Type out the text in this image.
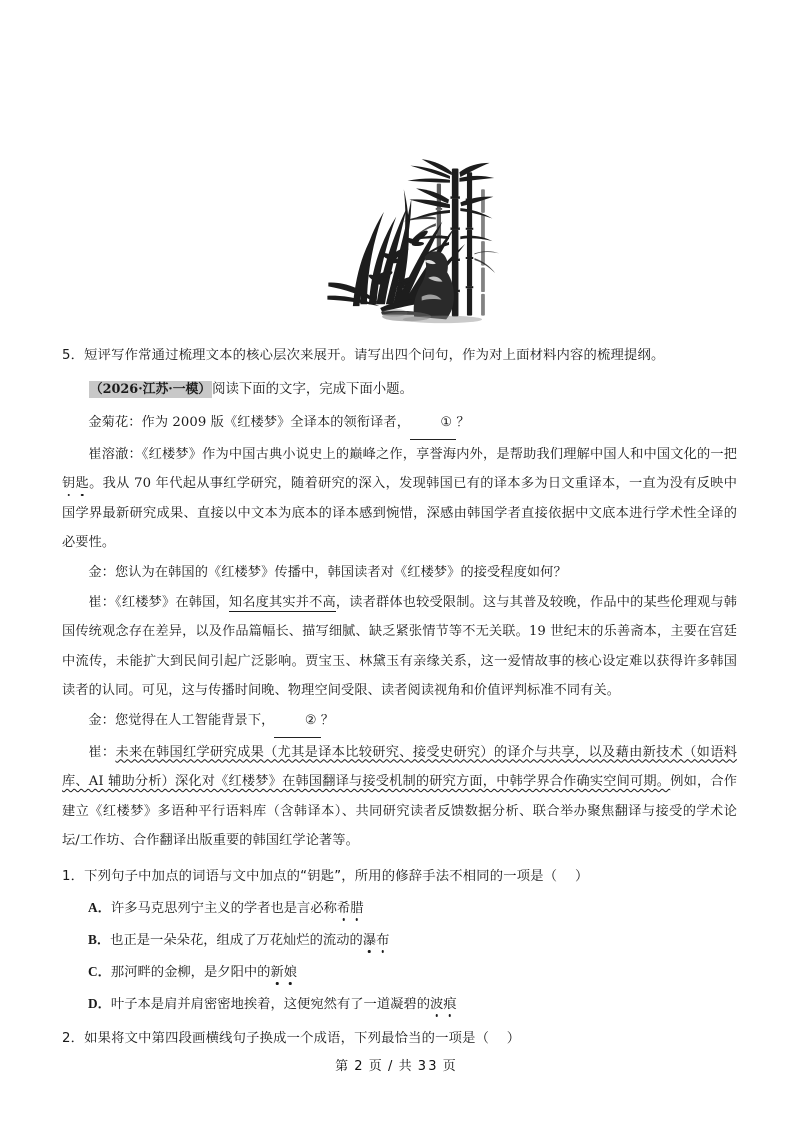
5．短评写作常通过梳理文本的核心层次来展开。请写出四个问句，作为对上面材料内容的梳理提纲。
（2026·江苏·一模）阅读下面的文字，完成下面小题。
金菊花：作为 2009 版《红楼梦》全译本的领衔译者， ① ？
崔溶澈：《红楼梦》作为中国古典小说史上的巅峰之作，享誉海内外，是帮助我们理解中国人和中国文化的一把钥匙。我从 70 年代起从事红学研究，随着研究的深入，发现韩国已有的译本多为日文重译本，一直为没有反映中国学界最新研究成果、直接以中文本为底本的译本感到惋惜，深感由韩国学者直接依据中文底本进行学术性全译的必要性。
金：您认为在韩国的《红楼梦》传播中，韩国读者对《红楼梦》的接受程度如何？
崔：《红楼梦》在韩国，知名度其实并不高，读者群体也较受限制。这与其普及较晚，作品中的某些伦理观与韩国传统观念存在差异，以及作品篇幅长、描写细腻、缺乏紧张情节等不无关联。19 世纪末的乐善斋本，主要在宫廷中流传，未能扩大到民间引起广泛影响。贾宝玉、林黛玉有亲缘关系，这一爱情故事的核心设定难以获得许多韩国读者的认同。可见，这与传播时间晚、物理空间受限、读者阅读视角和价值评判标准不同有关。
金：您觉得在人工智能背景下， ② ？
崔：未来在韩国红学研究成果（尤其是译本比较研究、接受史研究）的译介与共享，以及藉由新技术（如语料库、AI 辅助分析）深化对《红楼梦》在韩国翻译与接受机制的研究方面，中韩学界合作确实空间可期。例如，合作建立《红楼梦》多语种平行语料库（含韩译本）、共同研究读者反馈数据分析、联合举办聚焦翻译与接受的学术论坛/工作坊、合作翻译出版重要的韩国红学论著等。
1．下列句子中加点的词语与文中加点的“钥匙”，所用的修辞手法不相同的一项是（ ）
A．许多马克思列宁主义的学者也是言必称希腊
B．也正是一朵朵花，组成了万花灿烂的流动的瀑布
C．那河畔的金柳，是夕阳中的新娘
D．叶子本是肩并肩密密地挨着，这便宛然有了一道凝碧的波痕
2．如果将文中第四段画横线句子换成一个成语，下列最恰当的一项是（ ）
第 2 页 / 共 33 页
